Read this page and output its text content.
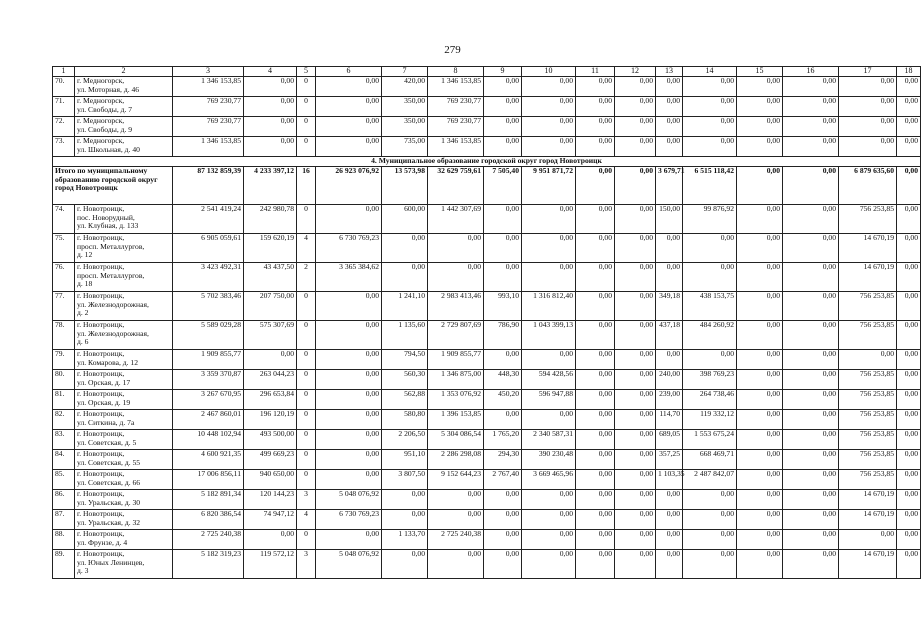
279
1	2	3	4	5	6	7	8	9	10	11	12	13	14	15	16	17	18
70.	г. Медногорск,
ул. Моторная, д. 46	1 346 153,85	0,00	0	0,00	420,00	1 346 153,85	0,00	0,00	0,00	0,00	0,00	0,00	0,00	0,00	0,00	0,00
71.	г. Медногорск,
ул. Свободы, д. 7	769 230,77	0,00	0	0,00	350,00	769 230,77	0,00	0,00	0,00	0,00	0,00	0,00	0,00	0,00	0,00	0,00
72.	г. Медногорск,
ул. Свободы, д. 9	769 230,77	0,00	0	0,00	350,00	769 230,77	0,00	0,00	0,00	0,00	0,00	0,00	0,00	0,00	0,00	0,00
73.	г. Медногорск,
ул. Школьная, д. 40	1 346 153,85	0,00	0	0,00	735,00	1 346 153,85	0,00	0,00	0,00	0,00	0,00	0,00	0,00	0,00	0,00	0,00
4. Муниципальное образование городской округ город Новотроицк																	
Итого по муниципальному образованию городской округ город Новотроицк		87 132 859,39	4 233 397,12	16	26 923 076,92	13 573,98	32 629 759,61	7 505,40	9 951 871,72	0,00	0,00	3 679,71	6 515 118,42	0,00	0,00	6 879 635,60	0,00
74.	г. Новотроицк,
пос. Новорудный,
ул. Клубная, д. 133	2 541 419,24	242 980,78	0	0,00	600,00	1 442 307,69	0,00	0,00	0,00	0,00	150,00	99 876,92	0,00	0,00	756 253,85	0,00
75.	г. Новотроицк,
просп. Металлургов,
д. 12	6 905 059,61	159 620,19	4	6 730 769,23	0,00	0,00	0,00	0,00	0,00	0,00	0,00	0,00	0,00	0,00	14 670,19	0,00
76.	г. Новотроицк,
просп. Металлургов,
д. 18	3 423 492,31	43 437,50	2	3 365 384,62	0,00	0,00	0,00	0,00	0,00	0,00	0,00	0,00	0,00	0,00	14 670,19	0,00
77.	г. Новотроицк,
ул. Железнодорожная,
д. 2	5 702 383,46	207 750,00	0	0,00	1 241,10	2 983 413,46	993,10	1 316 812,40	0,00	0,00	349,18	438 153,75	0,00	0,00	756 253,85	0,00
78.	г. Новотроицк,
ул. Железнодорожная,
д. 6	5 589 029,28	575 307,69	0	0,00	1 135,60	2 729 807,69	786,90	1 043 399,13	0,00	0,00	437,18	484 260,92	0,00	0,00	756 253,85	0,00
79.	г. Новотроицк,
ул. Комарова, д. 12	1 909 855,77	0,00	0	0,00	794,50	1 909 855,77	0,00	0,00	0,00	0,00	0,00	0,00	0,00	0,00	0,00	0,00
80.	г. Новотроицк,
ул. Орская, д. 17	3 359 370,87	263 044,23	0	0,00	560,30	1 346 875,00	448,30	594 428,56	0,00	0,00	240,00	398 769,23	0,00	0,00	756 253,85	0,00
81.	г. Новотроицк,
ул. Орская, д. 19	3 267 670,95	296 653,84	0	0,00	562,88	1 353 076,92	450,20	596 947,88	0,00	0,00	239,00	264 738,46	0,00	0,00	756 253,85	0,00
82.	г. Новотроицк,
ул. Ситкина, д. 7а	2 467 860,01	196 120,19	0	0,00	580,80	1 396 153,85	0,00	0,00	0,00	0,00	114,70	119 332,12	0,00	0,00	756 253,85	0,00
83.	г. Новотроицк,
ул. Советская, д. 5	10 448 102,94	493 500,00	0	0,00	2 206,50	5 304 086,54	1 765,20	2 340 587,31	0,00	0,00	689,05	1 553 675,24	0,00	0,00	756 253,85	0,00
84.	г. Новотроицк,
ул. Советская, д. 55	4 600 921,35	499 669,23	0	0,00	951,10	2 286 298,08	294,30	390 230,48	0,00	0,00	357,25	668 469,71	0,00	0,00	756 253,85	0,00
85.	г. Новотроицк,
ул. Советская, д. 66	17 006 856,11	940 650,00	0	0,00	3 807,50	9 152 644,23	2 767,40	3 669 465,96	0,00	0,00	1 103,35	2 487 842,07	0,00	0,00	756 253,85	0,00
86.	г. Новотроицк,
ул. Уральская, д. 30	5 182 891,34	120 144,23	3	5 048 076,92	0,00	0,00	0,00	0,00	0,00	0,00	0,00	0,00	0,00	0,00	14 670,19	0,00
87.	г. Новотроицк,
ул. Уральская, д. 32	6 820 386,54	74 947,12	4	6 730 769,23	0,00	0,00	0,00	0,00	0,00	0,00	0,00	0,00	0,00	0,00	14 670,19	0,00
88.	г. Новотроицк,
ул. Фрунзе, д. 4	2 725 240,38	0,00	0	0,00	1 133,70	2 725 240,38	0,00	0,00	0,00	0,00	0,00	0,00	0,00	0,00	0,00	0,00
89.	г. Новотроицк,
ул. Юных Ленинцев,
д. 3	5 182 319,23	119 572,12	3	5 048 076,92	0,00	0,00	0,00	0,00	0,00	0,00	0,00	0,00	0,00	0,00	14 670,19	0,00
